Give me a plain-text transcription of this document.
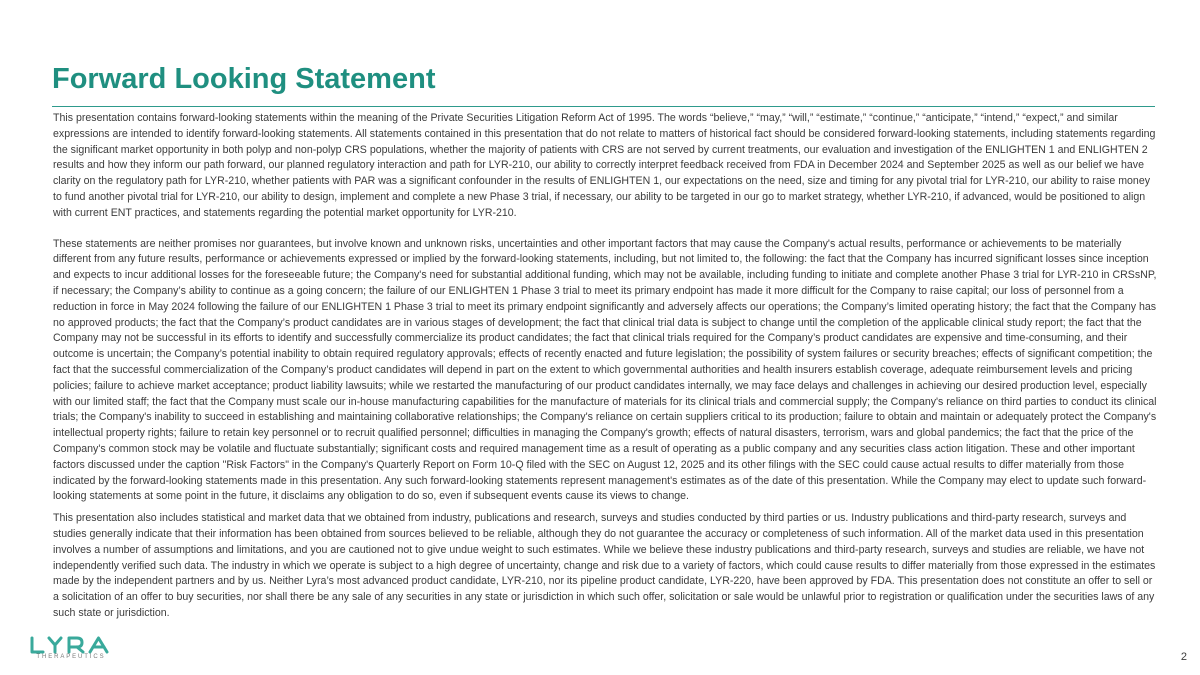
Forward Looking Statement

This presentation contains forward-looking statements within the meaning of the Private Securities Litigation Reform Act of 1995. The words “believe,” “may,” “will,” “estimate,” “continue,” “anticipate,” “intend,” “expect,” and similar expressions are intended to identify forward-looking statements. All statements contained in this presentation that do not relate to matters of historical fact should be considered forward-looking statements, including statements regarding the significant market opportunity in both polyp and non-polyp CRS populations, whether the majority of patients with CRS are not served by current treatments, our evaluation and investigation of the ENLIGHTEN 1 and ENLIGHTEN 2 results and how they inform our path forward, our planned regulatory interaction and path for LYR-210, our ability to correctly interpret feedback received from FDA in December 2024 and September 2025 as well as our belief we have clarity on the regulatory path for LYR-210, whether patients with PAR was a significant confounder in the results of ENLIGHTEN 1, our expectations on the need, size and timing for any pivotal trial for LYR-210, our ability to raise money to fund another pivotal trial for LYR-210, our ability to design, implement and complete a new Phase 3 trial, if necessary, our ability to be targeted in our go to market strategy, whether LYR-210, if advanced, would be positioned to align with current ENT practices, and statements regarding the potential market opportunity for LYR-210.

These statements are neither promises nor guarantees, but involve known and unknown risks, uncertainties and other important factors that may cause the Company's actual results, performance or achievements to be materially different from any future results, performance or achievements expressed or implied by the forward-looking statements, including, but not limited to, the following: the fact that the Company has incurred significant losses since inception and expects to incur additional losses for the foreseeable future; the Company's need for substantial additional funding, which may not be available, including funding to initiate and complete another Phase 3 trial for LYR-210 in CRSsNP, if necessary; the Company’s ability to continue as a going concern; the failure of our ENLIGHTEN 1 Phase 3 trial to meet its primary endpoint has made it more difficult for the Company to raise capital; our loss of personnel from a reduction in force in May 2024 following the failure of our ENLIGHTEN 1 Phase 3 trial to meet its primary endpoint significantly and adversely affects our operations; the Company’s limited operating history; the fact that the Company has no approved products; the fact that the Company’s product candidates are in various stages of development; the fact that clinical trial data is subject to change until the completion of the applicable clinical study report; the fact that the Company may not be successful in its efforts to identify and successfully commercialize its product candidates; the fact that clinical trials required for the Company’s product candidates are expensive and time-consuming, and their outcome is uncertain; the Company’s potential inability to obtain required regulatory approvals; effects of recently enacted and future legislation; the possibility of system failures or security breaches; effects of significant competition; the fact that the successful commercialization of the Company’s product candidates will depend in part on the extent to which governmental authorities and health insurers establish coverage, adequate reimbursement levels and pricing policies; failure to achieve market acceptance; product liability lawsuits; while we restarted the manufacturing of our product candidates internally, we may face delays and challenges in achieving our desired production level, especially with our limited staff; the fact that the Company must scale our in-house manufacturing capabilities for the manufacture of materials for its clinical trials and commercial supply; the Company's reliance on third parties to conduct its clinical trials; the Company's inability to succeed in establishing and maintaining collaborative relationships; the Company's reliance on certain suppliers critical to its production; failure to obtain and maintain or adequately protect the Company's intellectual property rights; failure to retain key personnel or to recruit qualified personnel; difficulties in managing the Company's growth; effects of natural disasters, terrorism, wars and global pandemics; the fact that the price of the Company's common stock may be volatile and fluctuate substantially; significant costs and required management time as a result of operating as a public company and any securities class action litigation. These and other important factors discussed under the caption "Risk Factors" in the Company's Quarterly Report on Form 10-Q filed with the SEC on August 12, 2025 and its other filings with the SEC could cause actual results to differ materially from those indicated by the forward-looking statements made in this presentation. Any such forward-looking statements represent management's estimates as of the date of this presentation. While the Company may elect to update such forward-looking statements at some point in the future, it disclaims any obligation to do so, even if subsequent events cause its views to change.

This presentation also includes statistical and market data that we obtained from industry, publications and research, surveys and studies conducted by third parties or us. Industry publications and third-party research, surveys and studies generally indicate that their information has been obtained from sources believed to be reliable, although they do not guarantee the accuracy or completeness of such information. All of the market data used in this presentation involves a number of assumptions and limitations, and you are cautioned not to give undue weight to such estimates. While we believe these industry publications and third-party research, surveys and studies are reliable, we have not independently verified such data. The industry in which we operate is subject to a high degree of uncertainty, change and risk due to a variety of factors, which could cause results to differ materially from those expressed in the estimates made by the independent partners and by us. Neither Lyra’s most advanced product candidate, LYR-210, nor its pipeline product candidate, LYR-220, have been approved by FDA. This presentation does not constitute an offer to sell or a solicitation of an offer to buy securities, nor shall there be any sale of any securities in any state or jurisdiction in which such offer, solicitation or sale would be unlawful prior to registration or qualification under the securities laws of any such state or jurisdiction.

THERAPEUTICS	2
